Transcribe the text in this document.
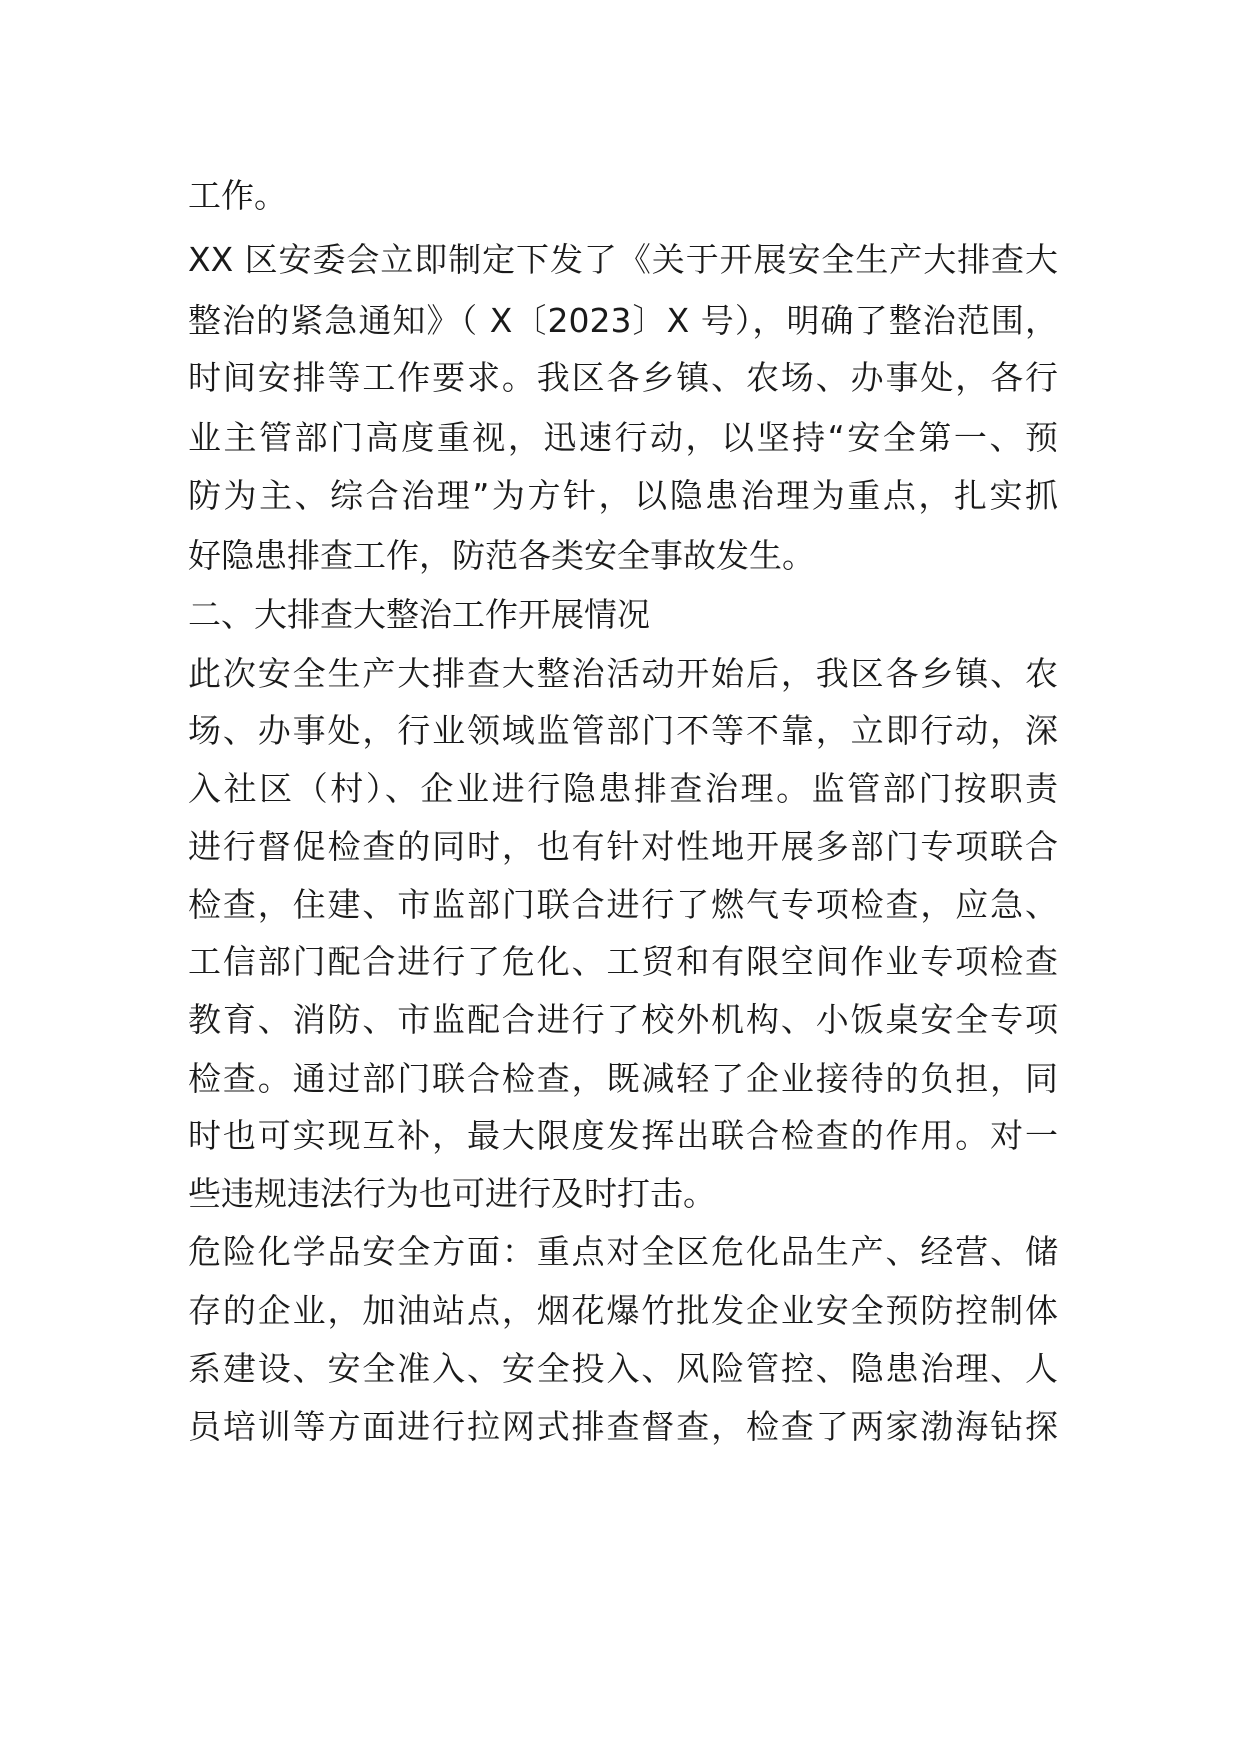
工作。
XX 区安委会立即制定下发了《关于开展安全生产大排查大
整治的紧急通知》（ X〔2023〕X 号），明确了整治范围，
时间安排等工作要求。我区各乡镇、农场、办事处，各行
业主管部门高度重视，迅速行动，以坚持“安全第一、预
防为主、综合治理”为方针，以隐患治理为重点，扎实抓
好隐患排查工作，防范各类安全事故发生。
二、大排查大整治工作开展情况
此次安全生产大排查大整治活动开始后，我区各乡镇、农
场、办事处，行业领域监管部门不等不靠，立即行动，深
入社区（村）、企业进行隐患排查治理。监管部门按职责
进行督促检查的同时，也有针对性地开展多部门专项联合
检查，住建、市监部门联合进行了燃气专项检查，应急、
工信部门配合进行了危化、工贸和有限空间作业专项检查
教育、消防、市监配合进行了校外机构、小饭桌安全专项
检查。通过部门联合检查，既减轻了企业接待的负担，同
时也可实现互补，最大限度发挥出联合检查的作用。对一
些违规违法行为也可进行及时打击。
危险化学品安全方面：重点对全区危化品生产、经营、储
存的企业，加油站点，烟花爆竹批发企业安全预防控制体
系建设、安全准入、安全投入、风险管控、隐患治理、人
员培训等方面进行拉网式排查督查，检查了两家渤海钻探
